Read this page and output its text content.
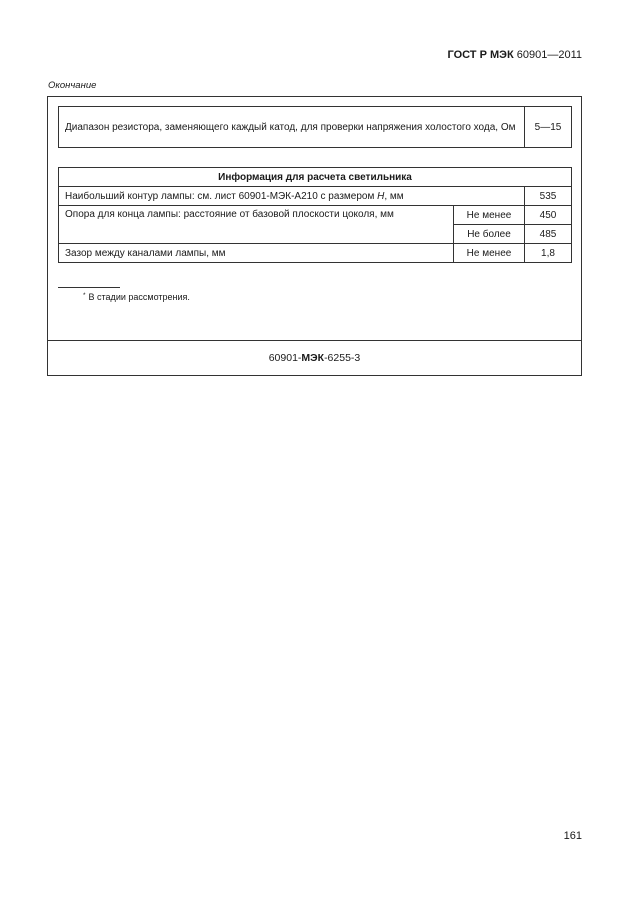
ГОСТ Р МЭК 60901—2011
Окончание
Диапазон резистора, заменяющего каждый катод, для проверки напряжения холостого хода, Ом	5—15
Информация для расчета светильника		
Наибольший контур лампы: см. лист 60901-МЭК-A210 с размером H, мм		535
Опора для конца лампы: расстояние от базовой плоскости цоколя, мм	Не менее	450
	Не более	485
Зазор между каналами лампы, мм	Не менее	1,8
* В стадии рассмотрения.
60901-МЭК-6255-3
161
